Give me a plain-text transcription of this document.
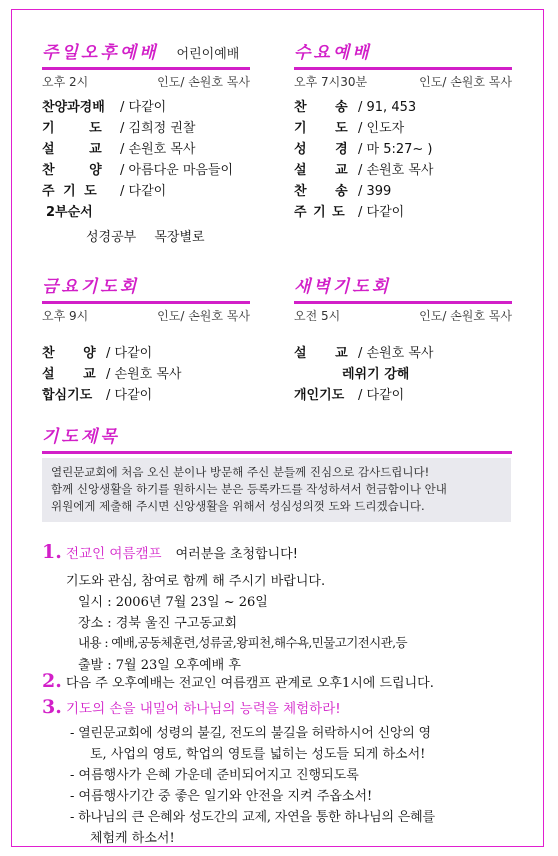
주일오후예배 어린이예배
오후 2시	인도/ 손원호 목사
찬양과경배 / 다같이
기 도 / 김희정 권찰
설 교 / 손원호 목사
찬 양 / 아름다운 마음들이
주 기 도 / 다같이
2부순서
성경공부 목장별로
수요예배
오후 7시30분	인도/ 손원호 목사
찬 송 / 91, 453
기 도 / 인도자
성 경 / 마 5:27~ )
설 교 / 손원호 목사
찬 송 / 399
주 기 도 / 다같이
금요기도회
오후 9시	인도/ 손원호 목사
찬 양 / 다같이
설 교 / 손원호 목사
합심기도 / 다같이
새벽기도회
오전 5시	인도/ 손원호 목사
설 교 / 손원호 목사
레위기 강해
개인기도 / 다같이
기도제목
열린문교회에 처음 오신 분이나 방문해 주신 분들께 진심으로 감사드립니다!
함께 신앙생활을 하기를 원하시는 분은 등록카드를 작성하셔서 헌금함이나 안내
위원에게 제출해 주시면 신앙생활을 위해서 성심성의껏 도와 드리겠습니다.
1. 전교인 여름캠프 여러분을 초청합니다!
기도와 관심, 참여로 함께 해 주시기 바랍니다.
일시 : 2006년 7월 23일 ~ 26일
장소 : 경북 울진 구고동교회
내용 : 예배,공동체훈련,성류굴,왕피천,해수욕,민물고기전시관,등
출발 : 7월 23일 오후예배 후
2. 다음 주 오후예배는 전교인 여름캠프 관계로 오후1시에 드립니다.
3. 기도의 손을 내밀어 하나님의 능력을 체험하라!
- 열린문교회에 성령의 불길, 전도의 불길을 허락하시어 신앙의 영
토, 사업의 영토, 학업의 영토를 넓히는 성도들 되게 하소서!
- 여름행사가 은혜 가운데 준비되어지고 진행되도록
- 여름행사기간 중 좋은 일기와 안전을 지켜 주옵소서!
- 하나님의 큰 은혜와 성도간의 교제, 자연을 통한 하나님의 은혜를
체험케 하소서!
